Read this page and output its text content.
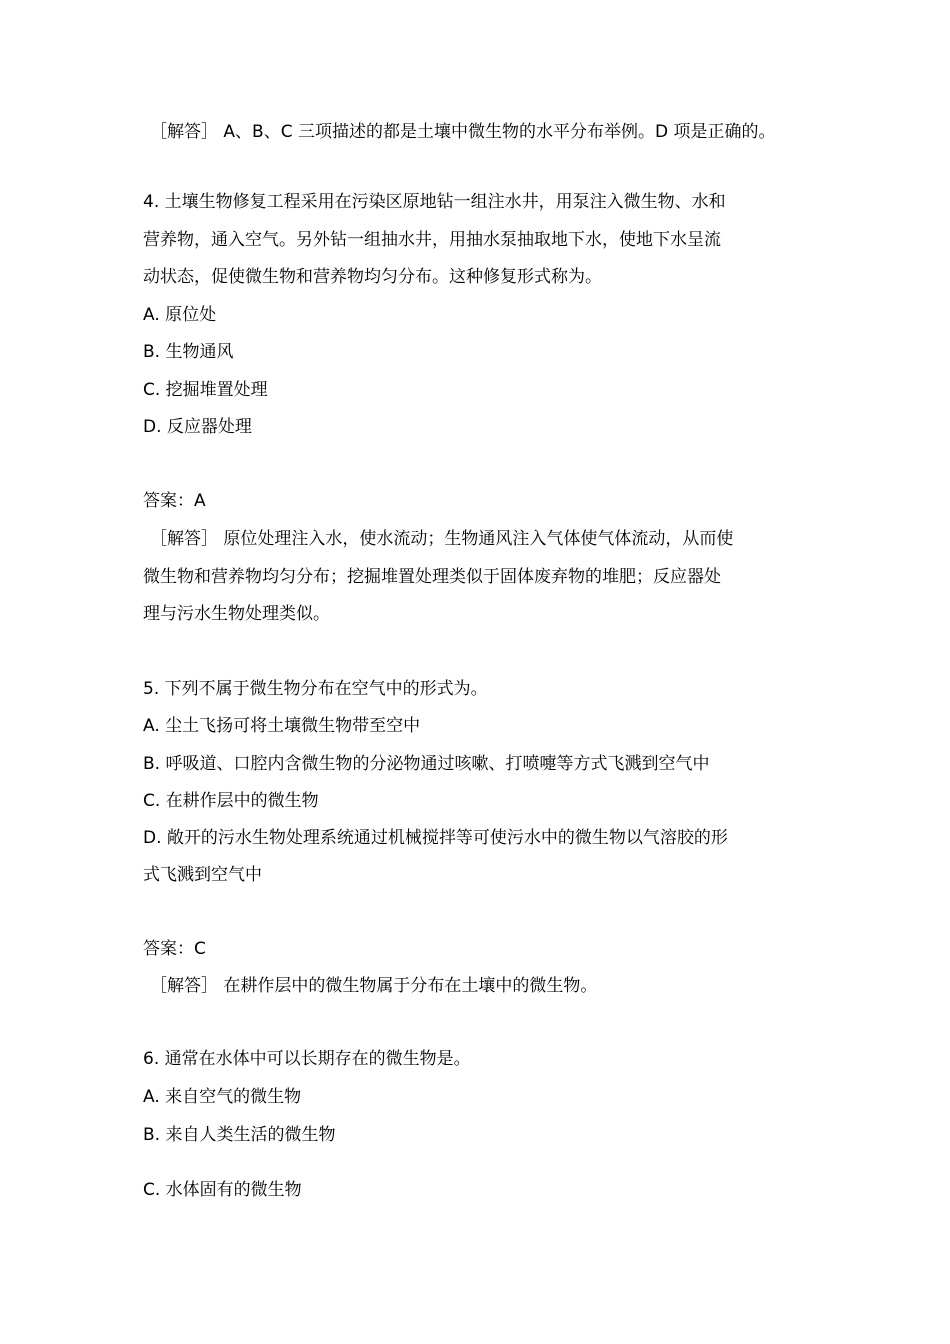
［解答］ A、B、C 三项描述的都是土壤中微生物的水平分布举例。D 项是正确的。

4. 土壤生物修复工程采用在污染区原地钻一组注水井，用泵注入微生物、水和

营养物，通入空气。另外钻一组抽水井，用抽水泵抽取地下水，使地下水呈流

动状态，促使微生物和营养物均匀分布。这种修复形式称为。

A. 原位处

B. 生物通风

C. 挖掘堆置处理

D. 反应器处理

答案：A

［解答］ 原位处理注入水，使水流动；生物通风注入气体使气体流动，从而使

微生物和营养物均匀分布；挖掘堆置处理类似于固体废弃物的堆肥；反应器处

理与污水生物处理类似。

5. 下列不属于微生物分布在空气中的形式为。

A. 尘土飞扬可将土壤微生物带至空中

B. 呼吸道、口腔内含微生物的分泌物通过咳嗽、打喷嚏等方式飞溅到空气中

C. 在耕作层中的微生物

D. 敞开的污水生物处理系统通过机械搅拌等可使污水中的微生物以气溶胶的形

式飞溅到空气中

答案：C

［解答］ 在耕作层中的微生物属于分布在土壤中的微生物。

6. 通常在水体中可以长期存在的微生物是。

A. 来自空气的微生物

B. 来自人类生活的微生物

C. 水体固有的微生物
